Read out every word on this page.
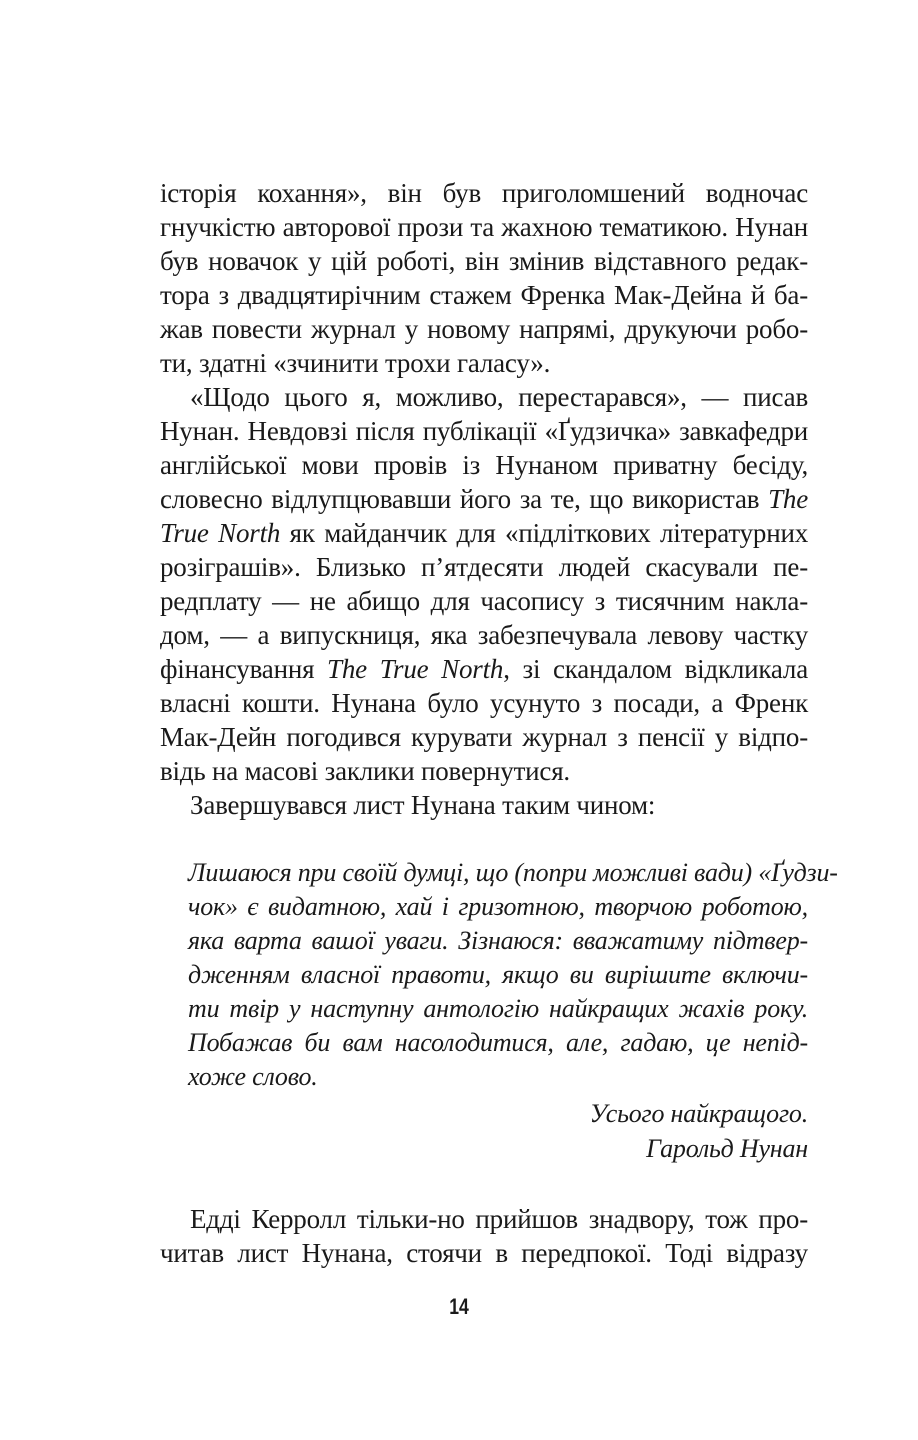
історія кохання», він був приголомшений водночас
гнучкістю авторової прози та жахною тематикою. Нунан
був новачок у цій роботі, він змінив відставного редак-
тора з двадцятирічним стажем Френка Мак-Дейна й ба-
жав повести журнал у новому напрямі, друкуючи робо-
ти, здатні «зчинити трохи галасу».
«Щодо цього я, можливо, перестарався», — писав
Нунан. Невдовзі після публікації «Ґудзичка» завкафедри
англійської мови провів із Нунаном приватну бесіду,
словесно відлупцювавши його за те, що використав The
True North як майданчик для «підліткових літературних
розіграшів». Близько п’ятдесяти людей скасували пе-
редплату — не абищо для часопису з тисячним накла-
дом, — а випускниця, яка забезпечувала левову частку
фінансування The True North, зі скандалом відкликала
власні кошти. Нунана було усунуто з посади, а Френк
Мак-Дейн погодився курувати журнал з пенсії у відпо-
відь на масові заклики повернутися.
Завершувався лист Нунана таким чином:
Лишаюся при своїй думці, що (попри можливі вади) «Ґудзи-
чок» є видатною, хай і гризотною, творчою роботою,
яка варта вашої уваги. Зізнаюся: вважатиму підтвер-
дженням власної правоти, якщо ви вирішите включи-
ти твір у наступну антологію найкращих жахів року.
Побажав би вам насолодитися, але, гадаю, це непід-
хоже слово.
Усього найкращого.
Гарольд Нунан
Едді Керролл тільки-но прийшов знадвору, тож про-
читав лист Нунана, стоячи в передпокої. Тоді відразу
14
